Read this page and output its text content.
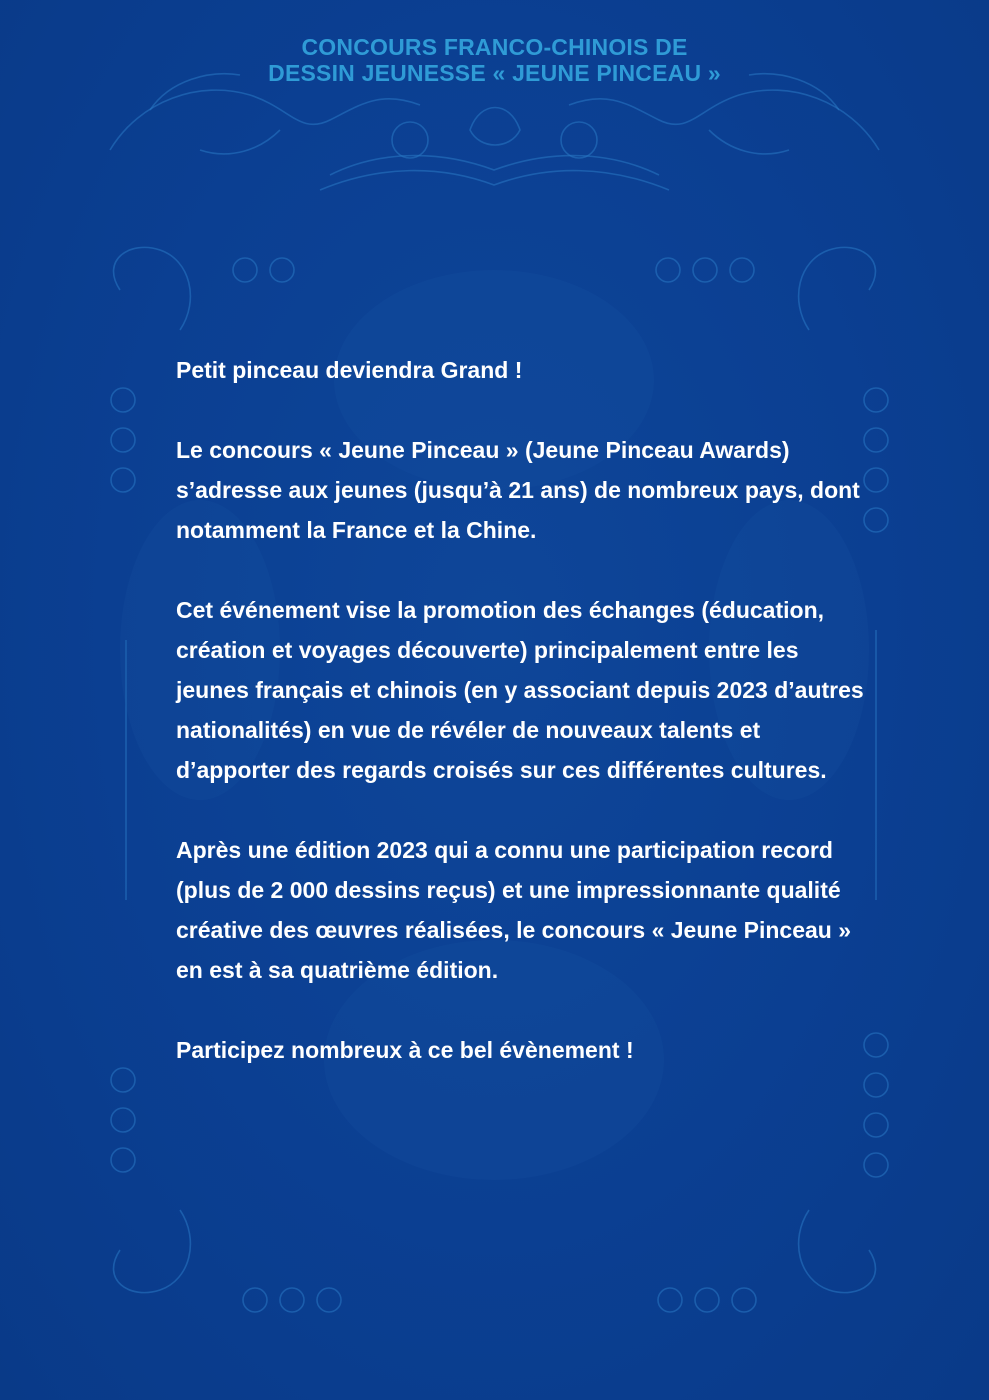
CONCOURS FRANCO-CHINOIS DE
DESSIN JEUNESSE « JEUNE PINCEAU »

Petit pinceau deviendra Grand !

Le concours « Jeune Pinceau » (Jeune Pinceau Awards) s’adresse aux jeunes (jusqu’à 21 ans) de nombreux pays, dont notamment la France et la Chine.

Cet événement vise la promotion des échanges (éducation, création et voyages découverte) principalement entre les jeunes français et chinois (en y associant depuis 2023 d’autres nationalités) en vue de révéler de nouveaux talents et d’apporter des regards croisés sur ces différentes cultures.

Après une édition 2023 qui a connu une participation record (plus de 2 000 dessins reçus) et une impressionnante qualité créative des œuvres réalisées, le concours « Jeune Pinceau » en est à sa quatrième édition.

Participez nombreux à ce bel évènement !
